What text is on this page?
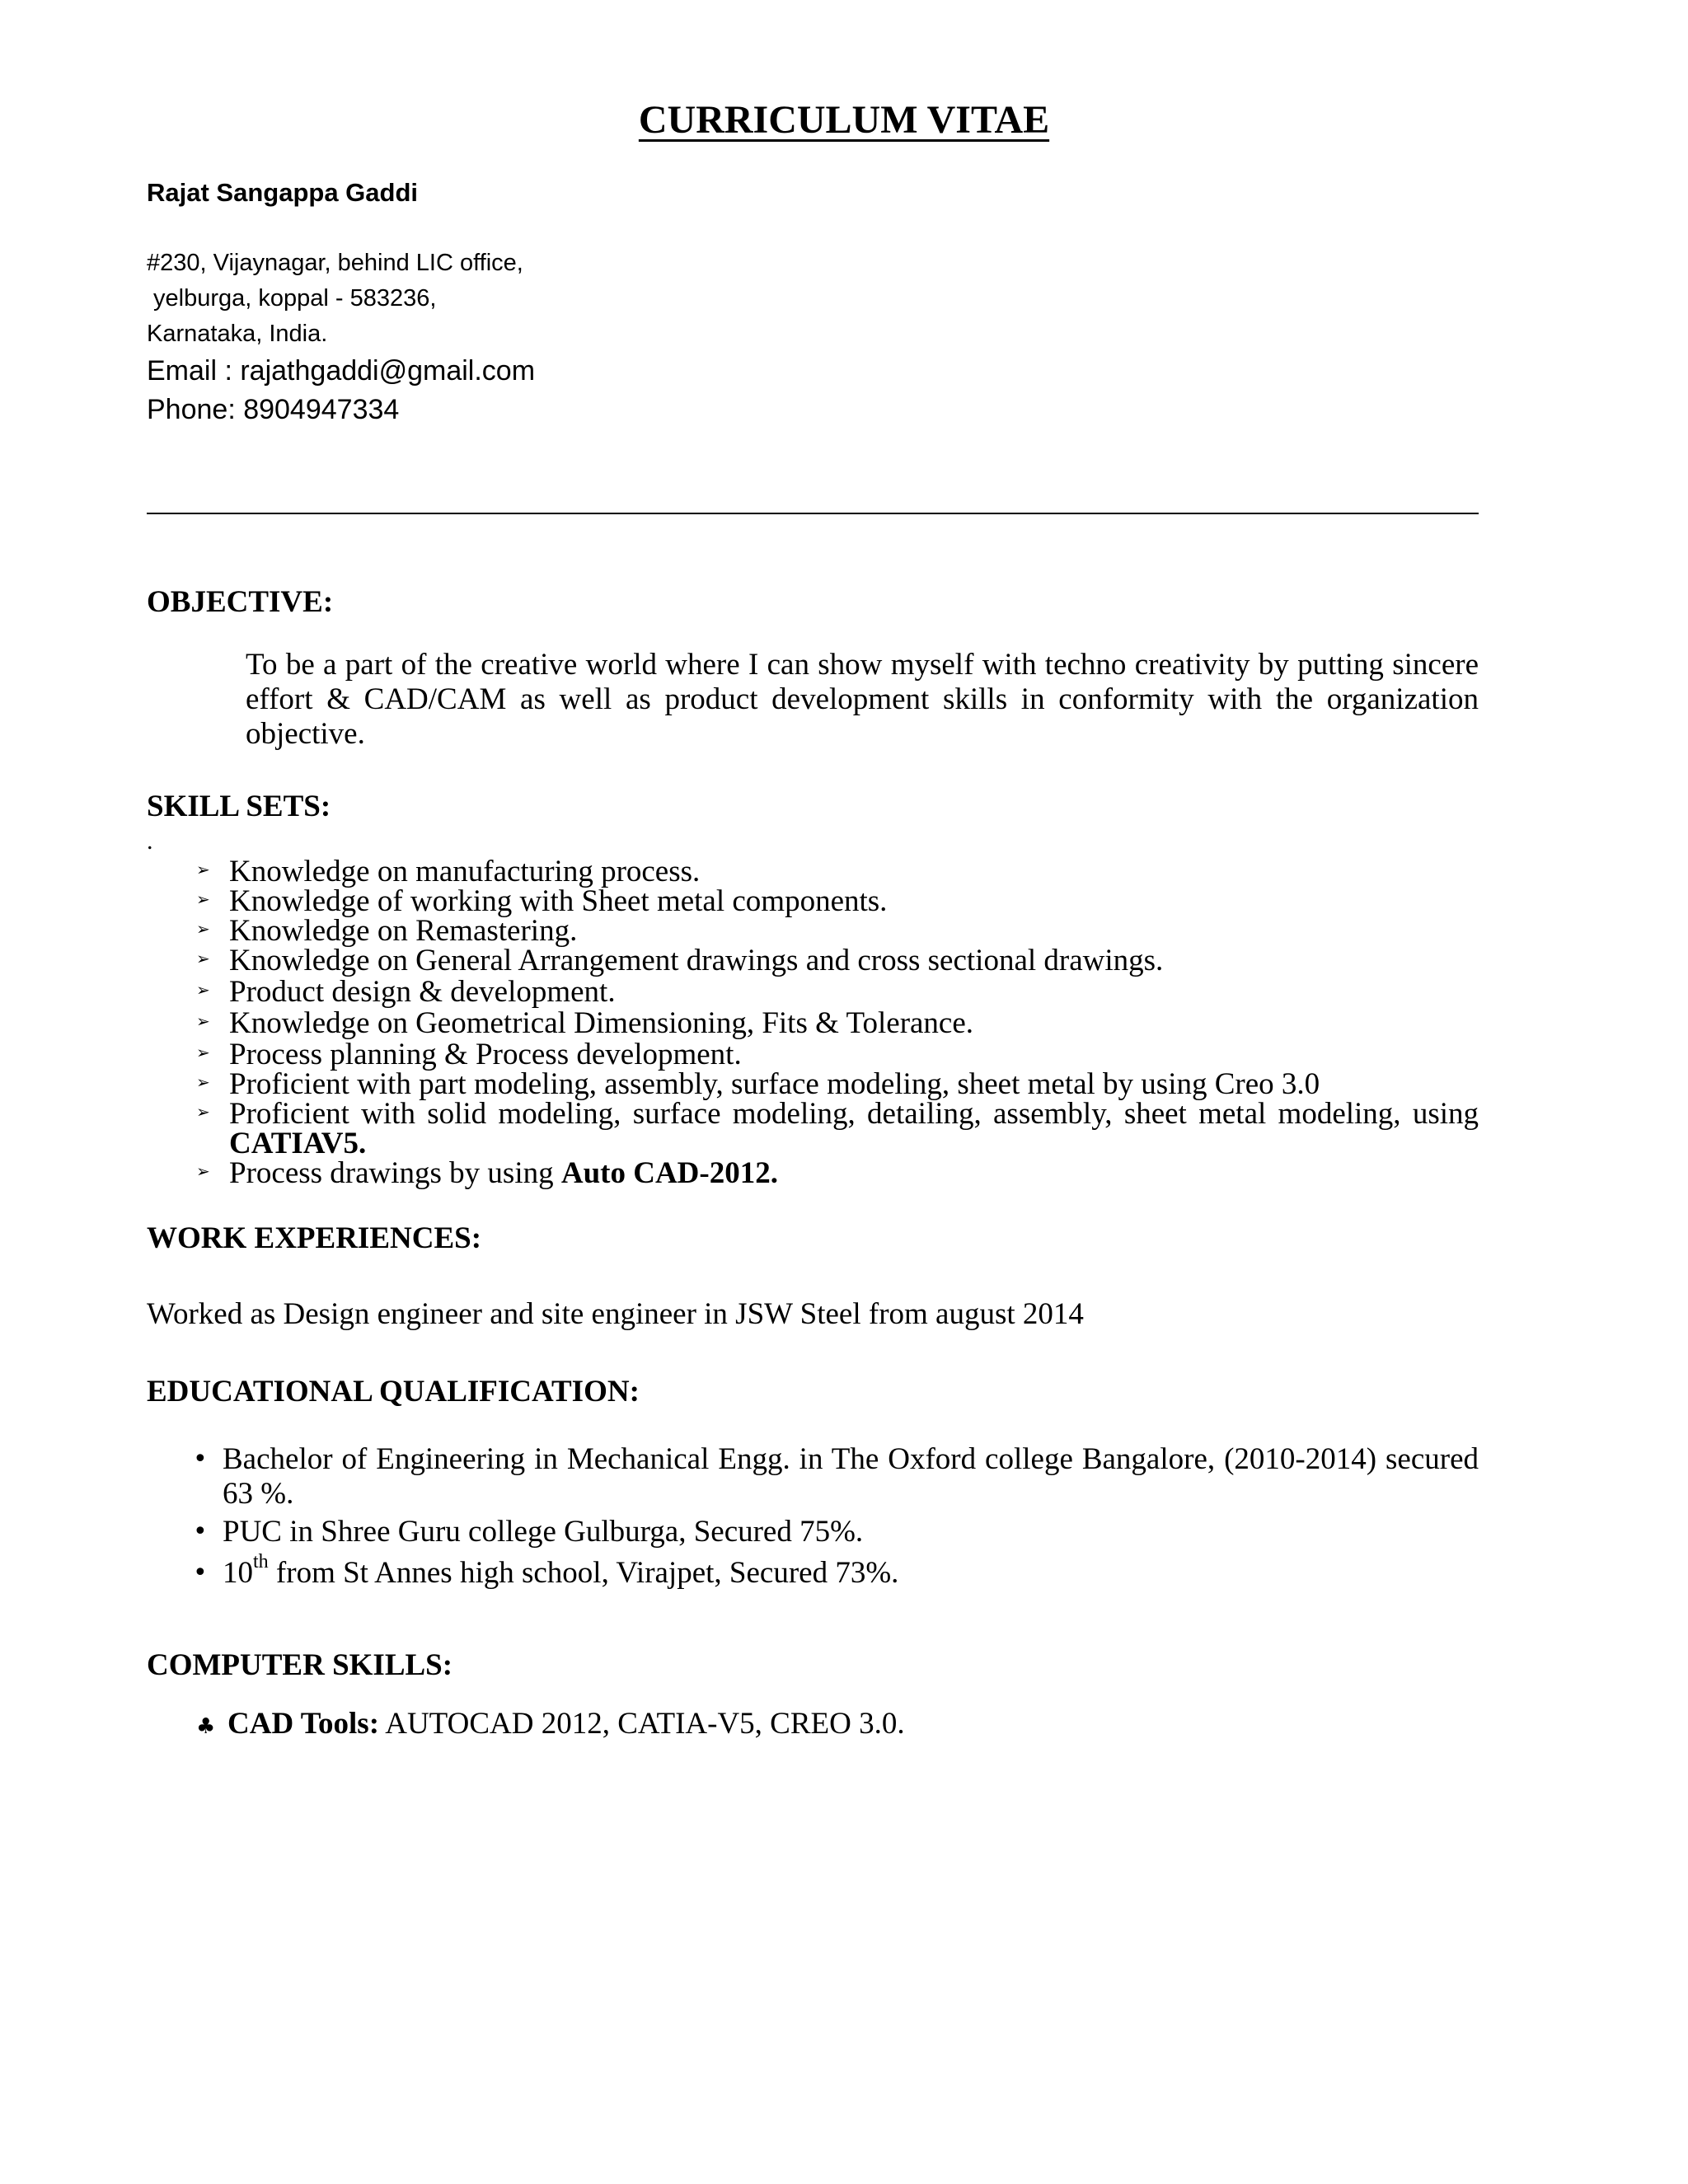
CURRICULUM VITAE

Rajat Sangappa Gaddi

#230, Vijaynagar, behind LIC office,
yelburga, koppal - 583236,
Karnataka, India.
Email : rajathgaddi@gmail.com
Phone: 8904947334
OBJECTIVE:
To be a part of the creative world where I can show myself with techno creativity by putting sincere effort & CAD/CAM as well as product development skills in conformity with the organization objective.
SKILL SETS:
.
➢ Knowledge on manufacturing process.
➢ Knowledge of working with Sheet metal components.
➢ Knowledge on Remastering.
➢ Knowledge on General Arrangement drawings and cross sectional drawings.
➢ Product design & development.
➢ Knowledge on Geometrical Dimensioning, Fits & Tolerance.
➢ Process planning & Process development.
➢ Proficient with part modeling, assembly, surface modeling, sheet metal by using Creo 3.0
➢ Proficient with solid modeling, surface modeling, detailing, assembly, sheet metal modeling, using CATIAV5.
➢ Process drawings by using Auto CAD-2012.
WORK EXPERIENCES:
Worked as Design engineer and site engineer in JSW Steel from august 2014
EDUCATIONAL QUALIFICATION:
• Bachelor of Engineering in Mechanical Engg. in The Oxford college Bangalore, (2010-2014) secured 63 %.
• PUC in Shree Guru college Gulburga, Secured 75%.
• 10th from St Annes high school, Virajpet, Secured 73%.
COMPUTER SKILLS:
♣ CAD Tools: AUTOCAD 2012, CATIA-V5, CREO 3.0.
